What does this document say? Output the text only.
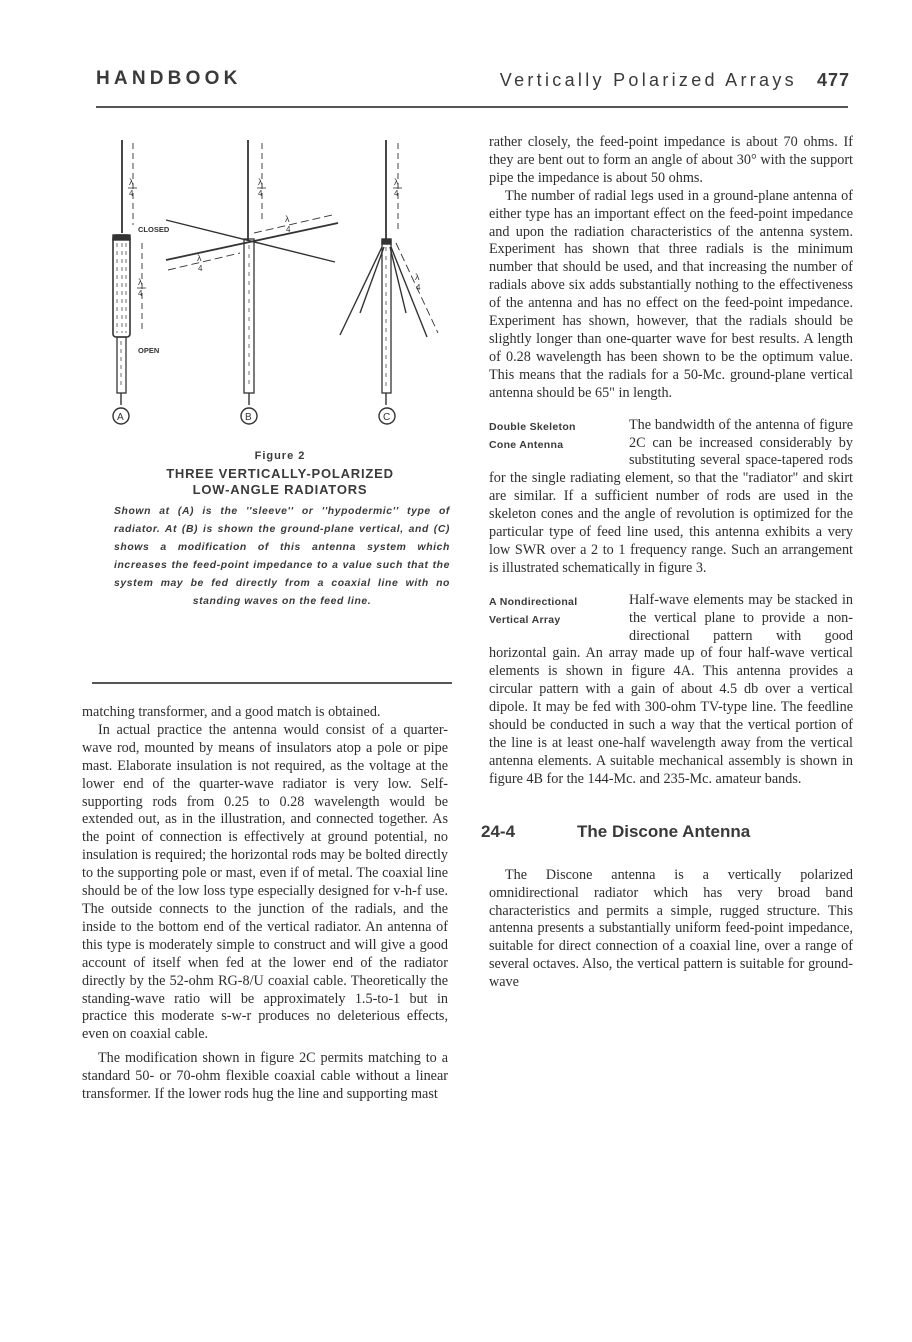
HANDBOOK	Vertically Polarized Arrays 477
λ
4
λ
4
CLOSED
OPEN
A
λ
4
λ
4
λ
4
B
λ
4
λ
4
C
Figure 2
THREE VERTICALLY-POLARIZED
LOW-ANGLE RADIATORS
Shown at (A) is the ''sleeve'' or ''hypodermic'' type of radiator. At (B) is shown the ground-plane vertical, and (C) shows a modification of this antenna system which increases the feed-point impedance to a value such that the system may be fed directly from a coaxial line with no standing waves on the feed line.

matching transformer, and a good match is obtained.

In actual practice the antenna would consist of a quarter-wave rod, mounted by means of insulators atop a pole or pipe mast. Elaborate insulation is not required, as the voltage at the lower end of the quarter-wave radiator is very low. Self-supporting rods from 0.25 to 0.28 wavelength would be extended out, as in the illustration, and connected together. As the point of connection is effectively at ground potential, no insulation is required; the horizontal rods may be bolted directly to the supporting pole or mast, even if of metal. The coaxial line should be of the low loss type especially designed for v-h-f use. The outside connects to the junction of the radials, and the inside to the bottom end of the vertical radiator. An antenna of this type is moderately simple to construct and will give a good account of itself when fed at the lower end of the radiator directly by the 52-ohm RG-8/U coaxial cable. Theoretically the standing-wave ratio will be approximately 1.5-to-1 but in practice this moderate s-w-r produces no deleterious effects, even on coaxial cable.

The modification shown in figure 2C permits matching to a standard 50- or 70-ohm flexible coaxial cable without a linear transformer. If the lower rods hug the line and supporting mast

rather closely, the feed-point impedance is about 70 ohms. If they are bent out to form an angle of about 30° with the support pipe the impedance is about 50 ohms.

The number of radial legs used in a ground-plane antenna of either type has an important effect on the feed-point impedance and upon the radiation characteristics of the antenna system. Experiment has shown that three radials is the minimum number that should be used, and that increasing the number of radials above six adds substantially nothing to the effectiveness of the antenna and has no effect on the feed-point impedance. Experiment has shown, however, that the radials should be slightly longer than one-quarter wave for best results. A length of 0.28 wavelength has been shown to be the optimum value. This means that the radials for a 50-Mc. ground-plane vertical antenna should be 65" in length.

Double Skeleton
Cone Antenna

The bandwidth of the antenna of figure 2C can be increased considerably by substituting several space-tapered rods for the single radiating element, so that the "radiator" and skirt are similar. If a sufficient number of rods are used in the skeleton cones and the angle of revolution is optimized for the particular type of feed line used, this antenna exhibits a very low SWR over a 2 to 1 frequency range. Such an arrangement is illustrated schematically in figure 3.

A Nondirectional
Vertical Array

Half-wave elements may be stacked in the vertical plane to provide a non-directional pattern with good horizontal gain. An array made up of four half-wave vertical elements is shown in figure 4A. This antenna provides a circular pattern with a gain of about 4.5 db over a vertical dipole. It may be fed with 300-ohm TV-type line. The feedline should be conducted in such a way that the vertical portion of the line is at least one-half wavelength away from the vertical antenna elements. A suitable mechanical assembly is shown in figure 4B for the 144-Mc. and 235-Mc. amateur bands.

24-4	The Discone Antenna

The Discone antenna is a vertically polarized omnidirectional radiator which has very broad band characteristics and permits a simple, rugged structure. This antenna presents a substantially uniform feed-point impedance, suitable for direct connection of a coaxial line, over a range of several octaves. Also, the vertical pattern is suitable for ground-wave
